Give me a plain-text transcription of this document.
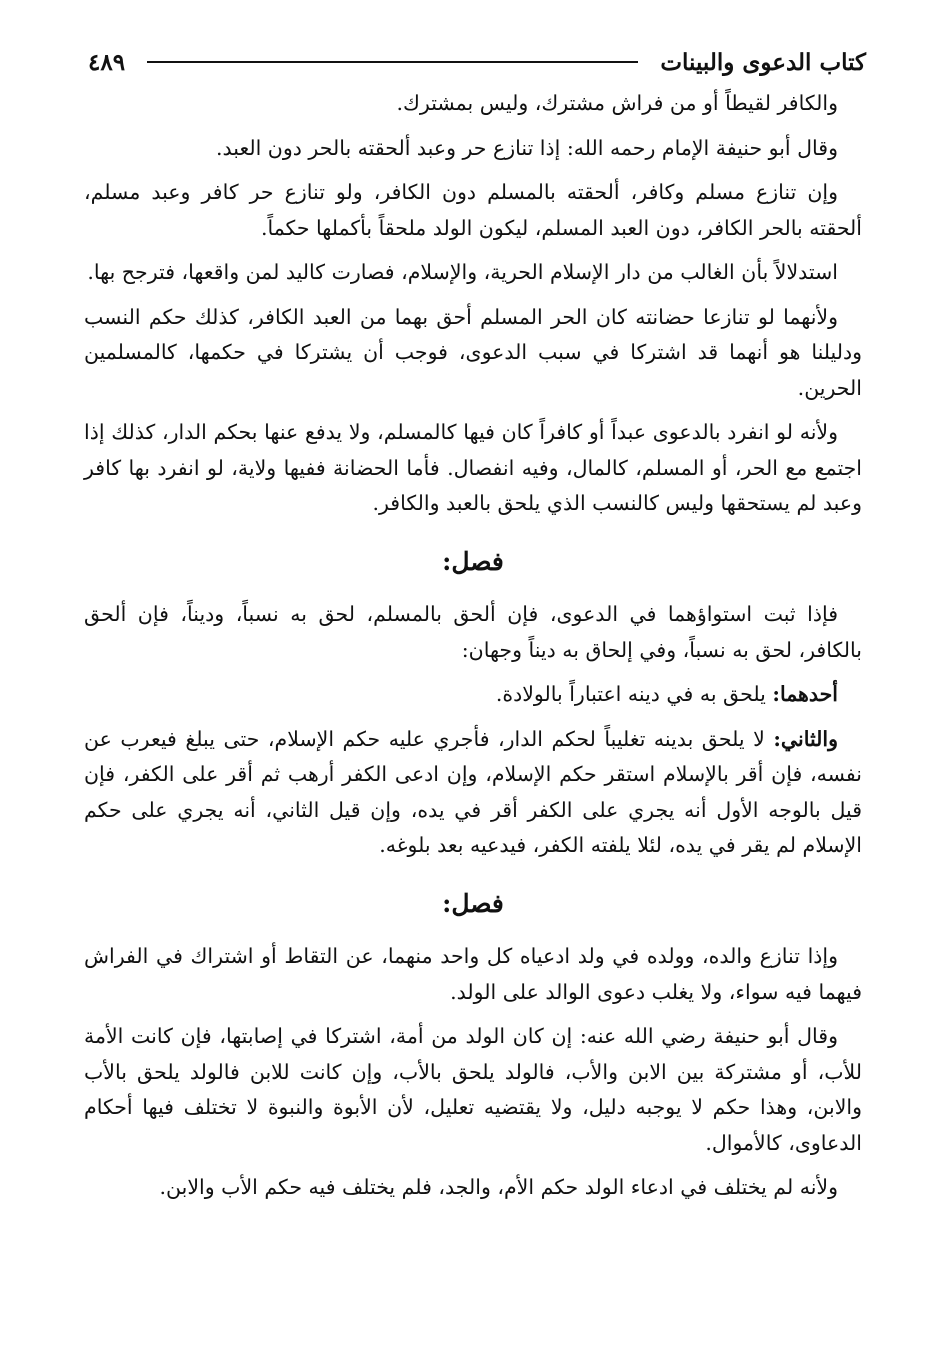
كتاب الدعوى والبينات
٤٨٩

والكافر لقيطاً أو من فراش مشترك، وليس بمشترك.

وقال أبو حنيفة الإمام رحمه الله: إذا تنازع حر وعبد ألحقته بالحر دون العبد.

وإن تنازع مسلم وكافر، ألحقته بالمسلم دون الكافر، ولو تنازع حر كافر وعبد مسلم، ألحقته بالحر الكافر، دون العبد المسلم، ليكون الولد ملحقاً بأكملها حكماً.

استدلالاً بأن الغالب من دار الإسلام الحرية، والإسلام، فصارت كاليد لمن واقعها، فترجح بها.

ولأنهما لو تنازعا حضانته كان الحر المسلم أحق بهما من العبد الكافر، كذلك حكم النسب ودليلنا هو أنهما قد اشتركا في سبب الدعوى، فوجب أن يشتركا في حكمها، كالمسلمين الحرين.

ولأنه لو انفرد بالدعوى عبداً أو كافراً كان فيها كالمسلم، ولا يدفع عنها بحكم الدار، كذلك إذا اجتمع مع الحر، أو المسلم، كالمال، وفيه انفصال. فأما الحضانة ففيها ولاية، لو انفرد بها كافر وعبد لم يستحقها وليس كالنسب الذي يلحق بالعبد والكافر.

فصل:

فإذا ثبت استواؤهما في الدعوى، فإن ألحق بالمسلم، لحق به نسباً، وديناً، فإن ألحق بالكافر، لحق به نسباً، وفي إلحاق به ديناً وجهان:

أحدهما: يلحق به في دينه اعتباراً بالولادة.

والثاني: لا يلحق بدينه تغليباً لحكم الدار، فأجري عليه حكم الإسلام، حتى يبلغ فيعرب عن نفسه، فإن أقر بالإسلام استقر حكم الإسلام، وإن ادعى الكفر أرهب ثم أقر على الكفر، فإن قيل بالوجه الأول أنه يجري على الكفر أقر في يده، وإن قيل الثاني، أنه يجري على حكم الإسلام لم يقر في يده، لئلا يلفته الكفر، فيدعيه بعد بلوغه.

فصل:

وإذا تنازع والده، وولده في ولد ادعياه كل واحد منهما، عن التقاط أو اشتراك في الفراش فيهما فيه سواء، ولا يغلب دعوى الوالد على الولد.

وقال أبو حنيفة رضي الله عنه: إن كان الولد من أمة، اشتركا في إصابتها، فإن كانت الأمة للأب، أو مشتركة بين الابن والأب، فالولد يلحق بالأب، وإن كانت للابن فالولد يلحق بالأب والابن، وهذا حكم لا يوجبه دليل، ولا يقتضيه تعليل، لأن الأبوة والنبوة لا تختلف فيها أحكام الدعاوى، كالأموال.

ولأنه لم يختلف في ادعاء الولد حكم الأم، والجد، فلم يختلف فيه حكم الأب والابن.
